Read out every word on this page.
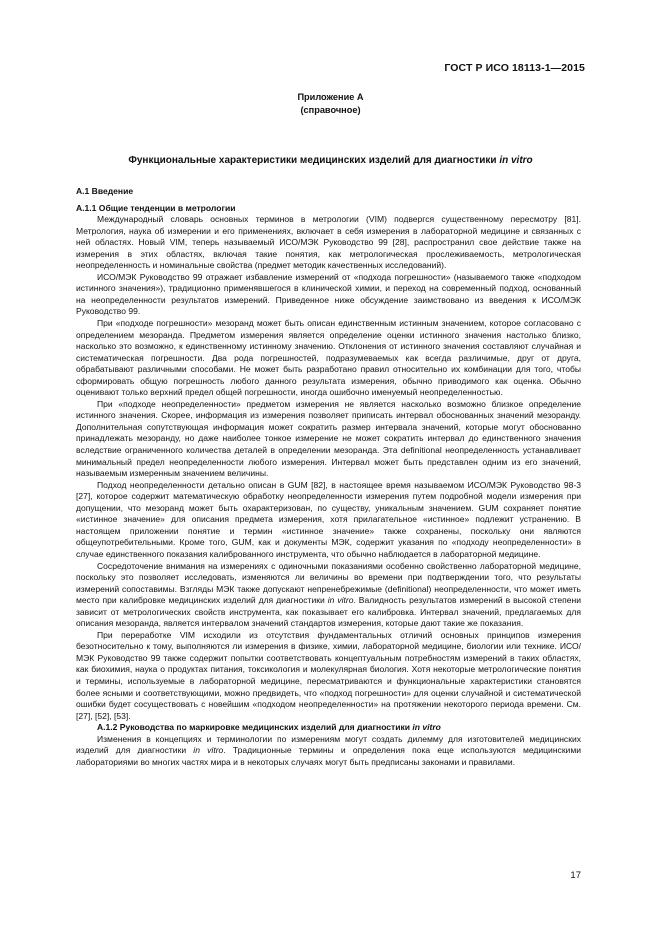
ГОСТ Р ИСО 18113-1—2015
Приложение А
(справочное)
Функциональные характеристики медицинских изделий для диагностики in vitro
А.1 Введение
А.1.1 Общие тенденции в метрологии

Международный словарь основных терминов в метрологии (VIM) подвергся существенному пересмотру [81]. Метрология, наука об измерении и его применениях, включает в себя измерения в лабораторной медицине и связанных с ней областях. Новый VIM, теперь называемый ИСО/МЭК Руководство 99 [28], распространил свое действие также на измерения в этих областях, включая такие понятия, как метрологическая прослеживаемость, метрологическая неопределенность и номинальные свойства (предмет методик качественных исследований).

ИСО/МЭК Руководство 99 отражает избавление измерений от «подхода погрешности» (называемого также «подходом истинного значения»), традиционно применявшегося в клинической химии, и переход на современный подход, основанный на неопределенности результатов измерений. Приведенное ниже обсуждение заимствовано из введения к ИСО/МЭК Руководство 99.

При «подходе погрешности» мезоранд может быть описан единственным истинным значением, которое согласовано с определением мезоранда. Предметом измерения является определение оценки истинного значения настолько близко, насколько это возможно, к единственному истинному значению. Отклонения от истинного значения составляют случайная и систематическая погрешности. Два рода погрешностей, подразумеваемых как всегда различимые, друг от друга, обрабатывают различными способами. Не может быть разработано правил относительно их комбинации для того, чтобы сформировать общую погрешность любого данного результата измерения, обычно приводимого как оценка. Обычно оценивают только верхний предел общей погрешности, иногда ошибочно именуемый неопределенностью.

При «подходе неопределенности» предметом измерения не является насколько возможно близкое определение истинного значения. Скорее, информация из измерения позволяет приписать интервал обоснованных значений мезоранду. Дополнительная сопутствующая информация может сократить размер интервала значений, которые могут обоснованно принадлежать мезоранду, но даже наиболее тонкое измерение не может сократить интервал до единственного значения вследствие ограниченного количества деталей в определении мезоранда. Эта definitional неопределенность устанавливает минимальный предел неопределенности любого измерения. Интервал может быть представлен одним из его значений, называемым измеренным значением величины.

Подход неопределенности детально описан в GUM [82], в настоящее время называемом ИСО/МЭК Руководство 98-3 [27], которое содержит математическую обработку неопределенности измерения путем подробной модели измерения при допущении, что мезоранд может быть охарактеризован, по существу, уникальным значением. GUM сохраняет понятие «истинное значение» для описания предмета измерения, хотя прилагательное «истинное» подлежит устранению. В настоящем приложении понятие и термин «истинное значение» также сохранены, поскольку они являются общеупотребительными. Кроме того, GUM, как и документы МЭК, содержит указания по «подходу неопределенности» в случае единственного показания калиброванного инструмента, что обычно наблюдается в лабораторной медицине.

Сосредоточение внимания на измерениях с одиночными показаниями особенно свойственно лабораторной медицине, поскольку это позволяет исследовать, изменяются ли величины во времени при подтверждении того, что результаты измерений сопоставимы. Взгляды МЭК также допускают непренебрежимые (definitional) неопределенности, что может иметь место при калибровке медицинских изделий для диагностики in vitro. Валидность результатов измерений в высокой степени зависит от метрологических свойств инструмента, как показывает его калибровка. Интервал значений, предлагаемых для описания мезоранда, является интервалом значений стандартов измерения, которые дают такие же показания.

При переработке VIM исходили из отсутствия фундаментальных отличий основных принципов измерения безотносительно к тому, выполняются ли измерения в физике, химии, лабораторной медицине, биологии или технике. ИСО/МЭК Руководство 99 также содержит попытки соответствовать концептуальным потребностям измерений в таких областях, как биохимия, наука о продуктах питания, токсикология и молекулярная биология. Хотя некоторые метрологические понятия и термины, используемые в лабораторной медицине, пересматриваются и функциональные характеристики становятся более ясными и соответствующими, можно предвидеть, что «подход погрешности» для оценки случайной и систематической ошибки будет сосуществовать с новейшим «подходом неопределенности» на протяжении некоторого периода времени. См. [27], [52], [53].

А.1.2 Руководства по маркировке медицинских изделий для диагностики in vitro

Изменения в концепциях и терминологии по измерениям могут создать дилемму для изготовителей медицинских изделий для диагностики in vitro. Традиционные термины и определения пока еще используются медицинскими лабораториями во многих частях мира и в некоторых случаях могут быть предписаны законами и правилами.

17
